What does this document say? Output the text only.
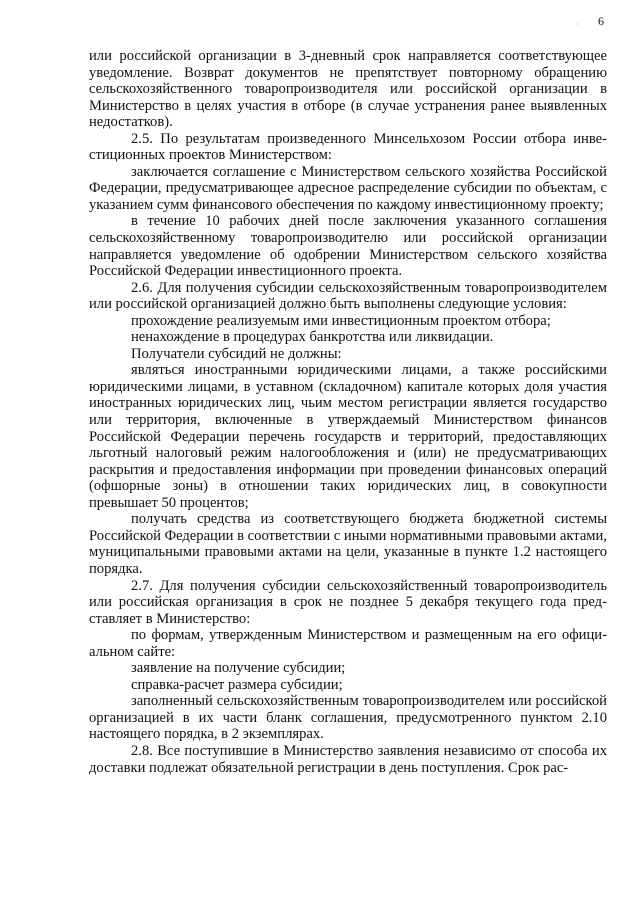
· 6

или российской организации в 3-дневный срок направляется соответствующее уведомление. Возврат документов не препятствует повторному обращению сельскохозяйственного товаропроизводителя или российской организации в Министерство в целях участия в отборе (в случае устранения ранее выявленных недостатков).

2.5. По результатам произведенного Минсельхозом России отбора инвестиционных проектов Министерством:

заключается соглашение с Министерством сельского хозяйства Российской Федерации, предусматривающее адресное распределение субсидии по объектам, с указанием сумм финансового обеспечения по каждому инвестиционному проекту;

в течение 10 рабочих дней после заключения указанного соглашения сельскохозяйственному товаропроизводителю или российской организации направляется уведомление об одобрении Министерством сельского хозяйства Российской Федерации инвестиционного проекта.

2.6. Для получения субсидии сельскохозяйственным товаропроизводителем или российской организацией должно быть выполнены следующие условия:

прохождение реализуемым ими инвестиционным проектом отбора;

ненахождение в процедурах банкротства или ликвидации.

Получатели субсидий не должны:

являться иностранными юридическими лицами, а также российскими юридическими лицами, в уставном (складочном) капитале которых доля участия иностранных юридических лиц, чьим местом регистрации является государство или территория, включенные в утверждаемый Министерством финансов Российской Федерации перечень государств и территорий, предоставляющих льготный налоговый режим налогообложения и (или) не предусматривающих раскрытия и предоставления информации при проведении финансовых операций (офшорные зоны) в отношении таких юридических лиц, в совокупности превышает 50 процентов;

получать средства из соответствующего бюджета бюджетной системы Российской Федерации в соответствии с иными нормативными правовыми актами, муниципальными правовыми актами на цели, указанные в пункте 1.2 настоящего порядка.

2.7. Для получения субсидии сельскохозяйственный товаропроизводитель или российская организация в срок не позднее 5 декабря текущего года представляет в Министерство:

по формам, утвержденным Министерством и размещенным на его официальном сайте:

заявление на получение субсидии;

справка-расчет размера субсидии;

заполненный сельскохозяйственным товаропроизводителем или российской организацией в их части бланк соглашения, предусмотренного пунктом 2.10 настоящего порядка, в 2 экземплярах.

2.8. Все поступившие в Министерство заявления независимо от способа их доставки подлежат обязательной регистрации в день поступления. Срок рас-
